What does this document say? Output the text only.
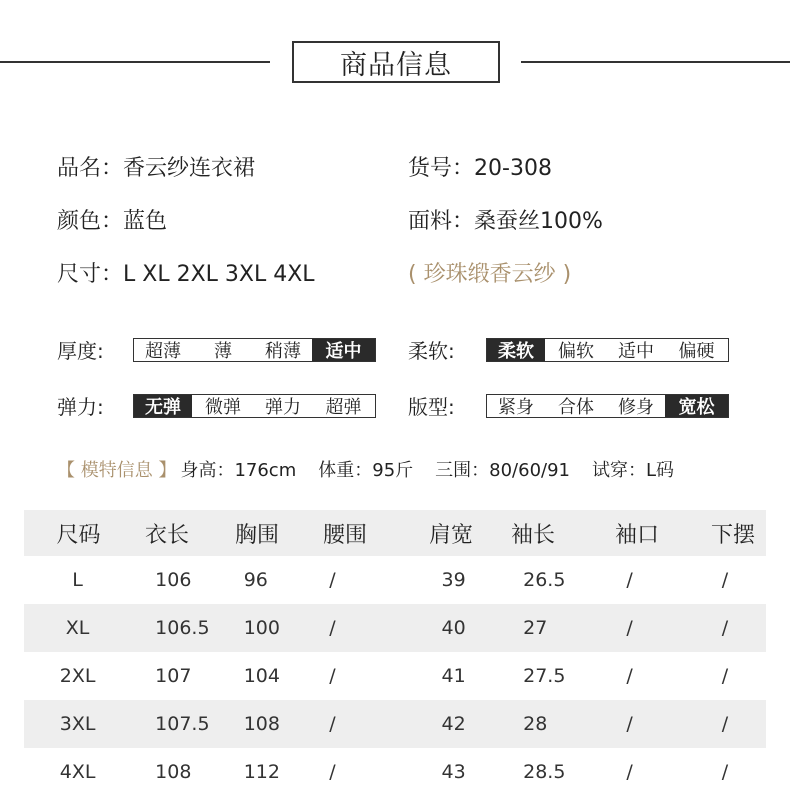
商品信息
品名：香云纱连衣裙	货号：20-308
颜色：蓝色	面料：桑蚕丝100%
尺寸：L XL 2XL 3XL 4XL	( 珍珠缎香云纱 )
厚度:	超薄	薄	稍薄	适中	柔软:	柔软	偏软	适中	偏硬
弹力:	无弹	微弹	弹力	超弹	版型:	紧身	合体	修身	宽松
【 模特信息 】 身高：176cm 体重：95斤 三围：80/60/91 试穿：L码
尺码	衣长	胸围	腰围	肩宽	袖长	袖口	下摆
L	106	96	/	39	26.5	/	/
XL	106.5	100	/	40	27	/	/
2XL	107	104	/	41	27.5	/	/
3XL	107.5	108	/	42	28	/	/
4XL	108	112	/	43	28.5	/	/
